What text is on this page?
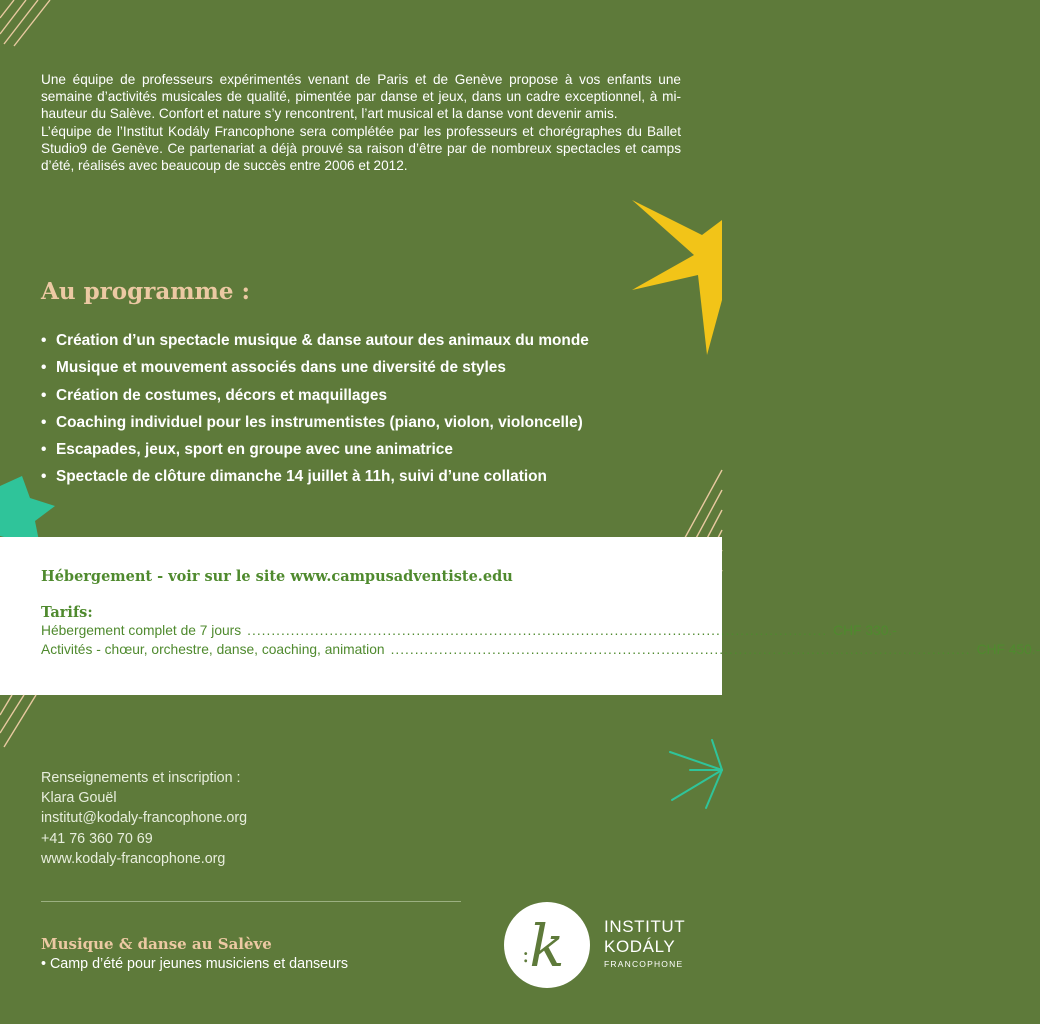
Une équipe de professeurs expérimentés venant de Paris et de Genève propose à vos enfants une semaine d’activités musicales de qualité, pimentée par danse et jeux, dans un cadre exceptionnel, à mi-hauteur du Salève. Confort et nature s’y rencontrent, l’art musical et la danse vont devenir amis.

L’équipe de l’Institut Kodály Francophone sera complétée par les professeurs et chorégraphes du Ballet Studio9 de Genève. Ce partenariat a déjà prouvé sa raison d’être par de nombreux spectacles et camps d’été, réalisés avec beaucoup de succès entre 2006 et 2012.

Au programme :
• Création d’un spectacle musique & danse autour des animaux du monde
• Musique et mouvement associés dans une diversité de styles
• Création de costumes, décors et maquillages
• Coaching individuel pour les instrumentistes (piano, violon, violoncelle)
• Escapades, jeux, sport en groupe avec une animatrice
• Spectacle de clôture dimanche 14 juillet à 11h, suivi d’une collation
Hébergement - voir sur le site www.campusadventiste.edu
Tarifs:
Hébergement complet de 7 jours ........................................................................................................................ CHF 330.-
Activités - chœur, orchestre, danse, coaching, animation ........................................................................................................................ CHF 450.-
Renseignements et inscription :
Klara Gouël
institut@kodaly-francophone.org
+41 76 360 70 69
www.kodaly-francophone.org
Musique & danse au Salève
• Camp d’été pour jeunes musiciens et danseurs	k
:
INSTITUT
KODÁLY
FRANCOPHONE
